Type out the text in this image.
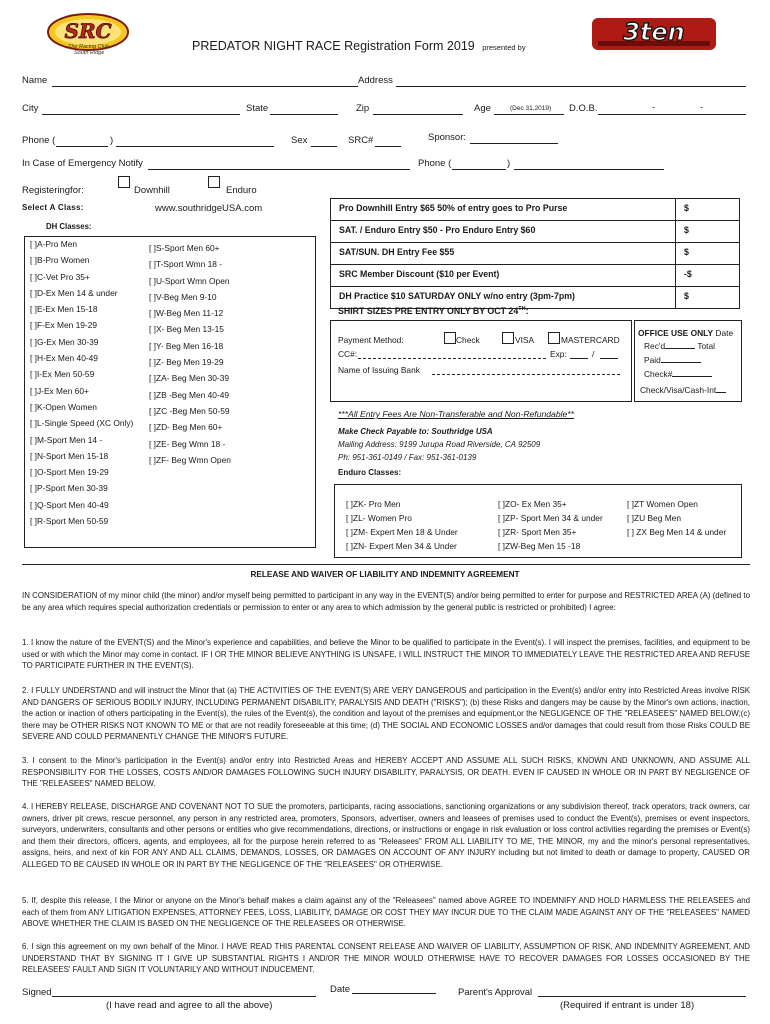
SRC
The Racing Club
South Ridge
3ten
PREDATOR NIGHT RACE Registration Form 2019 presented by
Name	Address
City	State	Zip	Age	(Dec 31,2019) D.O.B.	-	-
Phone (	)	Sex	SRC#	Sponsor :
In Case of Emergency Notify	Phone (	)
Registeringfor:	Downhill	Enduro
Select A Class:	www.southridgeUSA.com
DH Classes:
[ ]A-Pro Men
[ ]B-Pro Women
[ ]C-Vet Pro 35+
[ ]D-Ex Men 14 & under
[ ]E-Ex Men 15-18
[ ]F-Ex Men 19-29
[ ]G-Ex Men 30-39
[ ]H-Ex Men 40-49
[ ]I-Ex Men 50-59
[ ]J-Ex Men 60+
[ ]K-Open Women
[ ]L-Single Speed (XC Only)
[ ]M-Sport Men 14 -
[ ]N-Sport Men 15-18
[ ]O-Sport Men 19-29
[ ]P-Sport Men 30-39
[ ]Q-Sport Men 40-49
[ ]R-Sport Men 50-59
[ ]S-Sport Men 60+
[ ]T-Sport Wmn 18 -
[ ]U-Sport Wmn Open
[ ]V-Beg Men 9-10
[ ]W-Beg Men 11-12
[ ]X- Beg Men 13-15
[ ]Y- Beg Men 16-18
[ ]Z- Beg Men 19-29
[ ]ZA- Beg Men 30-39
[ ]ZB -Beg Men 40-49
[ ]ZC -Beg Men 50-59
[ ]ZD- Beg Men 60+
[ ]ZE- Beg Wmn 18 -
[ ]ZF- Beg Wmn Open
Pro Downhill Entry $65 50% of entry goes to Pro Purse	$
SAT. / Enduro Entry $50 - Pro Enduro Entry $60	$
SAT/SUN. DH Entry Fee $55	$
SRC Member Discount ($10 per Event)	-$
DH Practice $10 SATURDAY ONLY w/no entry (3pm-7pm)	$
SHIRT SIZES PRE ENTRY ONLY BY OCT 24TH:
Payment Method:	Check	VISA	MASTERCARD
CC#:	Exp:	/
Name of Issuing Bank
OFFICE USE ONLY Date
Rec'd	Total
Paid
Check#
Check/Visa/Cash-Int
***All Entry Fees Are Non-Transferable and Non-Refundable**
Make Check Payable to: Southridge USA
Mailing Address: 9199 Jurupa Road Riverside, CA 92509
Ph: 951-361-0149 / Fax: 951-361-0139
Enduro Classes:
[ ]ZK- Pro Men
[ ]ZL- Women Pro
[ ]ZM- Expert Men 18 & Under
[ ]ZN- Expert Men 34 & Under
[ ]ZO- Ex Men 35+
[ ]ZP- Sport Men 34 & under
[ ]ZR- Sport Men 35+
[ ]ZW-Beg Men 15 -18
[ ]ZT Women Open
[ ]ZU Beg Men
[ ] ZX Beg Men 14 & under
RELEASE AND WAIVER OF LIABILITY AND INDEMNITY AGREEMENT
IN CONSIDERATION of my minor child (the minor) and/or myself being permitted to participant in any way in the EVENT(S) and/or being permitted to enter for purpose and RESTRICTED AREA (A) (defined to be any area which requires special authorization credentials or permission to enter or any area to which admission by the general public is restricted or prohibited) I agree:
1. I know the nature of the EVENT(S) and the Minor's experience and capabilities, and believe the Minor to be qualified to participate in the Event(s). I will inspect the premises, facilities, and equipment to be used or with which the Minor may come in contact. IF I OR THE MINOR BELIEVE ANYTHING IS UNSAFE, I WILL INSTRUCT THE MINOR TO IMMEDIATELY LEAVE THE RESTRICTED AREA AND REFUSE TO PARTICIPATE FURTHER IN THE EVENT(S).
2. I FULLY UNDERSTAND and will instruct the Minor that (a) THE ACTIVITIES OF THE EVENT(S) ARE VERY DANGEROUS and participation in the Event(s) and/or entry into Restricted Areas involve RISK AND DANGERS OF SERIOUS BODILY INJURY, INCLUDING PERMANENT DISABILITY, PARALYSIS AND DEATH ("RISKS"); (b) these Risks and dangers may be cause by the Minor's own actions, inaction, the action or inaction of others participating in the Event(s), the rules of the Event(s), the condition and layout of the premises and equipment,or the NEGLIGENCE OF THE "RELEASEES" NAMED BELOW;(c) there may be OTHER RISKS NOT KNOWN TO ME or that are not readily foreseeable at this time; (d) THE SOCIAL AND ECONOMIC LOSSES and/or damages that could result from those Risks COULD BE SEVERE AND COULD PERMANENTLY CHANGE THE MINOR'S FUTURE.
3. I consent to the Minor's participation in the Event(s) and/or entry into Restricted Areas and HEREBY ACCEPT AND ASSUME ALL SUCH RISKS, KNOWN AND UNKNOWN, AND ASSUME ALL RESPONSIBILITY FOR THE LOSSES, COSTS AND/OR DAMAGES FOLLOWING SUCH INJURY DISABILITY, PARALYSIS, OR DEATH. EVEN IF CAUSED IN WHOLE OR IN PART BY NEGLIGENCE OF THE "RELEASEES" NAMED BELOW.
4. I HEREBY RELEASE, DISCHARGE AND COVENANT NOT TO SUE the promoters, participants, racing associations, sanctioning organizations or any subdivision thereof, track operators, track owners, car owners, driver pit crews, rescue personnel, any person in any restricted area, promoters, Sponsors, advertiser, owners and leasees of premises used to conduct the Event(s), premises or event inspectors, surveyors, underwriters, consultants and other persons or entities who give recommendations, directions, or instructions or engage in risk evaluation or loss control activities regarding the premises or Event(s) and them their directors, officers, agents, and employees, all for the purpose herein referred to as "Releasees" FROM ALL LIABILITY TO ME, THE MINOR, my and the minor's personal representatives, assigns, heirs, and next of kin FOR ANY AND ALL CLAIMS, DEMANDS, LOSSES, OR DAMAGES ON ACCOUNT OF ANY INJURY including but not limited to death or damage to property, CAUSED OR ALLEGED TO BE CAUSED IN WHOLE OR IN PART BY THE NEGLIGENCE OF THE "RELEASEES" OR OTHERWISE.
5. If, despite this release, I the Minor or anyone on the Minor's behalf makes a claim against any of the "Releasees" named above AGREE TO INDEMNIFY AND HOLD HARMLESS THE RELEASEES and each of them from ANY LITIGATION EXPENSES, ATTORNEY FEES, LOSS, LIABILITY, DAMAGE OR COST THEY MAY INCUR DUE TO THE CLAIM MADE AGAINST ANY OF THE "RELEASEES" NAMED ABOVE WHETHER THE CLAIM IS BASED ON THE NEGLIGENCE OF THE RELEASEES OR OTHERWISE.
6. I sign this agreement on my own behalf of the Minor. I HAVE READ THIS PARENTAL CONSENT RELEASE AND WAIVER OF LIABILITY, ASSUMPTION OF RISK, AND INDEMNITY AGREEMENT, AND UNDERSTAND THAT BY SIGNING IT I GIVE UP SUBSTANTIAL RIGHTS I AND/OR THE MINOR WOULD OTHERWISE HAVE TO RECOVER DAMAGES FOR LOSSES OCCASIONED BY THE RELEASEES' FAULT AND SIGN IT VOLUNTARILY AND WITHOUT INDUCEMENT.
Signed	Date	Parent's Approval
(I have read and agree to all the above)	(Required if entrant is under 18)
